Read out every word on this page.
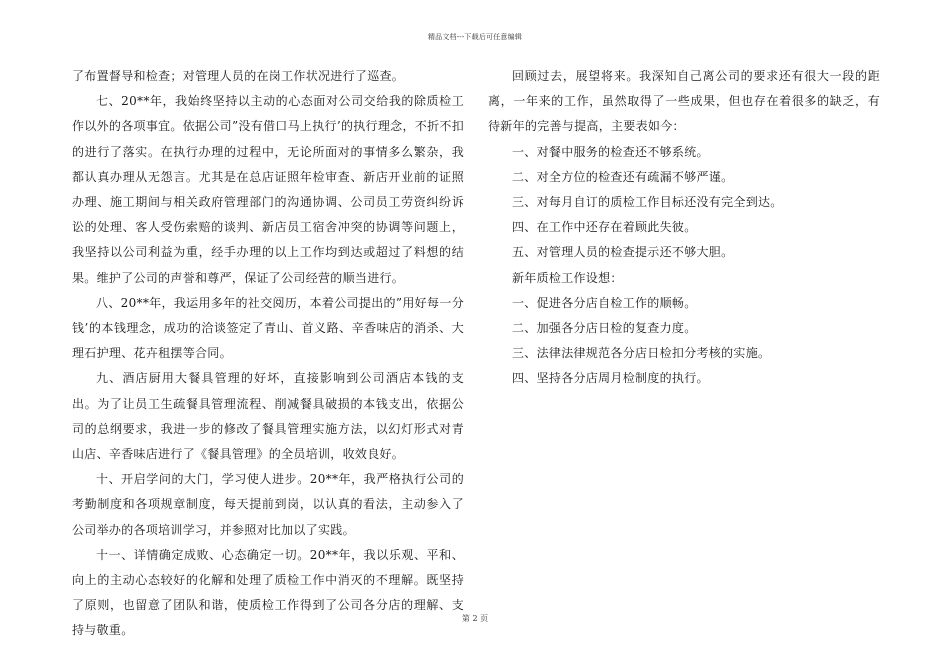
精品文档---下载后可任意编辑

了布置督导和检查；对管理人员的在岗工作状况进行了巡查。

七、20**年，我始终坚持以主动的心态面对公司交给我的除质检工作以外的各项事宜。依据公司”没有借口马上执行’的执行理念，不折不扣的进行了落实。在执行办理的过程中，无论所面对的事情多么繁杂，我都认真办理从无怨言。尤其是在总店证照年检审查、新店开业前的证照办理、施工期间与相关政府管理部门的沟通协调、公司员工劳资纠纷诉讼的处理、客人受伤索赔的谈判、新店员工宿舍冲突的协调等问题上，我坚持以公司利益为重，经手办理的以上工作均到达或超过了料想的结果。维护了公司的声誉和尊严，保证了公司经营的顺当进行。

八、20**年，我运用多年的社交阅历，本着公司提出的”用好每一分钱’的本钱理念，成功的洽谈签定了青山、首义路、辛香味店的消杀、大理石护理、花卉租摆等合同。

九、酒店厨用大餐具管理的好坏，直接影响到公司酒店本钱的支出。为了让员工生疏餐具管理流程、削减餐具破损的本钱支出，依据公司的总纲要求，我进一步的修改了餐具管理实施方法，以幻灯形式对青山店、辛香味店进行了《餐具管理》的全员培训，收效良好。

十、开启学问的大门，学习使人进步。20**年，我严格执行公司的考勤制度和各项规章制度，每天提前到岗，以认真的看法，主动参入了公司举办的各项培训学习，并参照对比加以了实践。

十一、详情确定成败、心态确定一切。20**年，我以乐观、平和、向上的主动心态较好的化解和处理了质检工作中消灭的不理解。既坚持了原则，也留意了团队和谐，使质检工作得到了公司各分店的理解、支持与敬重。

回顾过去，展望将来。我深知自己离公司的要求还有很大一段的距离，一年来的工作，虽然取得了一些成果，但也存在着很多的缺乏，有待新年的完善与提高，主要表如今：

一、对餐中服务的检查还不够系统。

二、对全方位的检查还有疏漏不够严谨。

三、对每月自订的质检工作目标还没有完全到达。

四、在工作中还存在着顾此失彼。

五、对管理人员的检查提示还不够大胆。

新年质检工作设想：

一、促进各分店自检工作的顺畅。

二、加强各分店日检的复查力度。

三、法律法律规范各分店日检扣分考核的实施。

四、坚持各分店周月检制度的执行。

第 2 页
